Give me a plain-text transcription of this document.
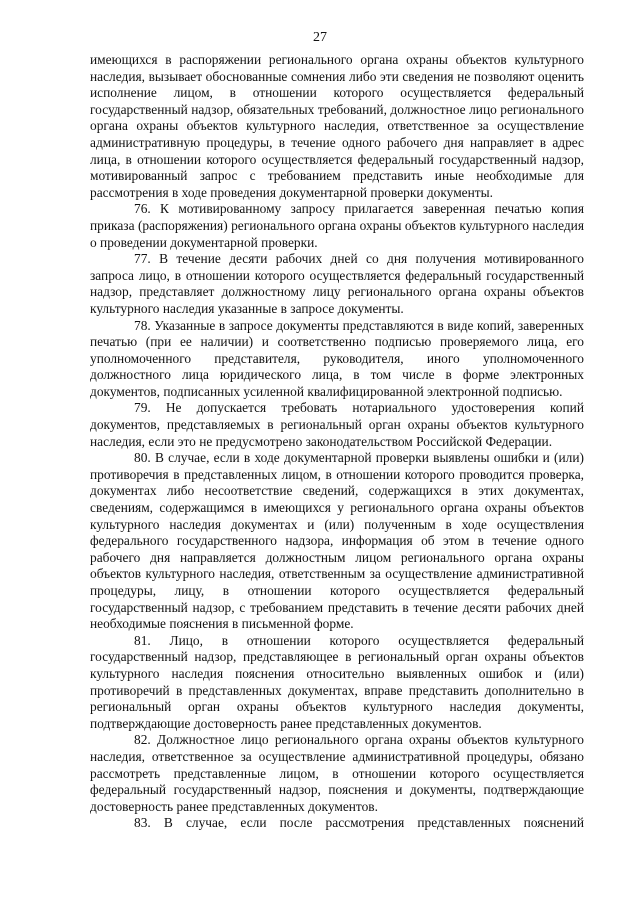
27

имеющихся в распоряжении регионального органа охраны объектов культурного наследия, вызывает обоснованные сомнения либо эти сведения не позволяют оценить исполнение лицом, в отношении которого осуществляется федеральный государственный надзор, обязательных требований, должностное лицо регионального органа охраны объектов культурного наследия, ответственное за осуществление административную процедуры, в течение одного рабочего дня направляет в адрес лица, в отношении которого осуществляется федеральный государственный надзор, мотивированный запрос с требованием представить иные необходимые для рассмотрения в ходе проведения документарной проверки документы.

76. К мотивированному запросу прилагается заверенная печатью копия приказа (распоряжения) регионального органа охраны объектов культурного наследия о проведении документарной проверки.

77. В течение десяти рабочих дней со дня получения мотивированного запроса лицо, в отношении которого осуществляется федеральный государственный надзор, представляет должностному лицу регионального органа охраны объектов культурного наследия указанные в запросе документы.

78. Указанные в запросе документы представляются в виде копий, заверенных печатью (при ее наличии) и соответственно подписью проверяемого лица, его уполномоченного представителя, руководителя, иного уполномоченного должностного лица юридического лица, в том числе в форме электронных документов, подписанных усиленной квалифицированной электронной подписью.

79. Не допускается требовать нотариального удостоверения копий документов, представляемых в региональный орган охраны объектов культурного наследия, если это не предусмотрено законодательством Российской Федерации.

80. В случае, если в ходе документарной проверки выявлены ошибки и (или) противоречия в представленных лицом, в отношении которого проводится проверка, документах либо несоответствие сведений, содержащихся в этих документах, сведениям, содержащимся в имеющихся у регионального органа охраны объектов культурного наследия документах и (или) полученным в ходе осуществления федерального государственного надзора, информация об этом в течение одного рабочего дня направляется должностным лицом регионального органа охраны объектов культурного наследия, ответственным за осуществление административной процедуры, лицу, в отношении которого осуществляется федеральный государственный надзор, с требованием представить в течение десяти рабочих дней необходимые пояснения в письменной форме.

81. Лицо, в отношении которого осуществляется федеральный государственный надзор, представляющее в региональный орган охраны объектов культурного наследия пояснения относительно выявленных ошибок и (или) противоречий в представленных документах, вправе представить дополнительно в региональный орган охраны объектов культурного наследия документы, подтверждающие достоверность ранее представленных документов.

82. Должностное лицо регионального органа охраны объектов культурного наследия, ответственное за осуществление административной процедуры, обязано рассмотреть представленные лицом, в отношении которого осуществляется федеральный государственный надзор, пояснения и документы, подтверждающие достоверность ранее представленных документов.

83. В случае, если после рассмотрения представленных пояснений
